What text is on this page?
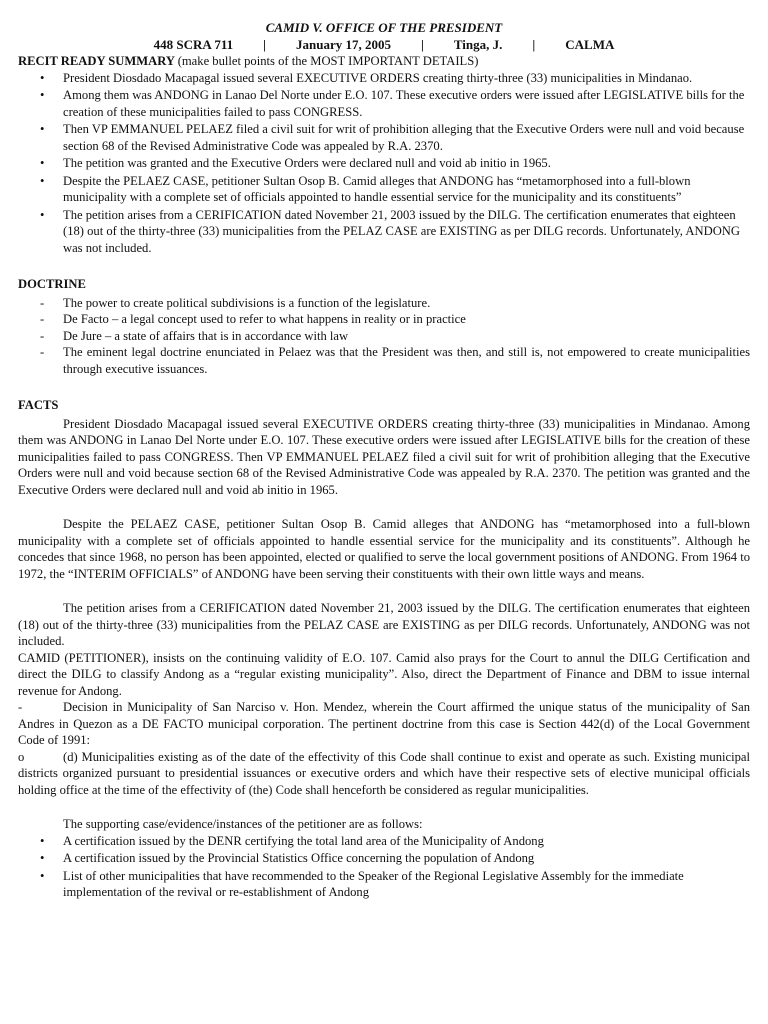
CAMID V. OFFICE OF THE PRESIDENT

448 SCRA 711	|	January 17, 2005	|	Tinga, J.	|	CALMA

RECIT READY SUMMARY (make bullet points of the MOST IMPORTANT DETAILS)

• President Diosdado Macapagal issued several EXECUTIVE ORDERS creating thirty-three (33) municipalities in Mindanao.
• Among them was ANDONG in Lanao Del Norte under E.O. 107. These executive orders were issued after LEGISLATIVE bills for the creation of these municipalities failed to pass CONGRESS.
• Then VP EMMANUEL PELAEZ filed a civil suit for writ of prohibition alleging that the Executive Orders were null and void because section 68 of the Revised Administrative Code was appealed by R.A. 2370.
• The petition was granted and the Executive Orders were declared null and void ab initio in 1965.
• Despite the PELAEZ CASE, petitioner Sultan Osop B. Camid alleges that ANDONG has “metamorphosed into a full-blown municipality with a complete set of officials appointed to handle essential service for the municipality and its constituents”
• The petition arises from a CERIFICATION dated November 21, 2003 issued by the DILG. The certification enumerates that eighteen (18) out of the thirty-three (33) municipalities from the PELAZ CASE are EXISTING as per DILG records. Unfortunately, ANDONG was not included.

DOCTRINE

- The power to create political subdivisions is a function of the legislature.
- De Facto – a legal concept used to refer to what happens in reality or in practice
- De Jure – a state of affairs that is in accordance with law
- The eminent legal doctrine enunciated in Pelaez was that the President was then, and still is, not empowered to create municipalities through executive issuances.

FACTS

President Diosdado Macapagal issued several EXECUTIVE ORDERS creating thirty-three (33) municipalities in Mindanao. Among them was ANDONG in Lanao Del Norte under E.O. 107. These executive orders were issued after LEGISLATIVE bills for the creation of these municipalities failed to pass CONGRESS. Then VP EMMANUEL PELAEZ filed a civil suit for writ of prohibition alleging that the Executive Orders were null and void because section 68 of the Revised Administrative Code was appealed by R.A. 2370. The petition was granted and the Executive Orders were declared null and void ab initio in 1965.

Despite the PELAEZ CASE, petitioner Sultan Osop B. Camid alleges that ANDONG has “metamorphosed into a full-blown municipality with a complete set of officials appointed to handle essential service for the municipality and its constituents”. Although he concedes that since 1968, no person has been appointed, elected or qualified to serve the local government positions of ANDONG. From 1964 to 1972, the “INTERIM OFFICIALS” of ANDONG have been serving their constituents with their own little ways and means.

The petition arises from a CERIFICATION dated November 21, 2003 issued by the DILG. The certification enumerates that eighteen (18) out of the thirty-three (33) municipalities from the PELAZ CASE are EXISTING as per DILG records. Unfortunately, ANDONG was not included.

CAMID (PETITIONER), insists on the continuing validity of E.O. 107. Camid also prays for the Court to annul the DILG Certification and direct the DILG to classify Andong as a “regular existing municipality”. Also, direct the Department of Finance and DBM to issue internal revenue for Andong.

-	Decision in Municipality of San Narciso v. Hon. Mendez, wherein the Court affirmed the unique status of the municipality of San Andres in Quezon as a DE FACTO municipal corporation. The pertinent doctrine from this case is Section 442(d) of the Local Government Code of 1991:

o	(d) Municipalities existing as of the date of the effectivity of this Code shall continue to exist and operate as such. Existing municipal districts organized pursuant to presidential issuances or executive orders and which have their respective sets of elective municipal officials holding office at the time of the effectivity of (the) Code shall henceforth be considered as regular municipalities.

The supporting case/evidence/instances of the petitioner are as follows:

• A certification issued by the DENR certifying the total land area of the Municipality of Andong
• A certification issued by the Provincial Statistics Office concerning the population of Andong
• List of other municipalities that have recommended to the Speaker of the Regional Legislative Assembly for the immediate implementation of the revival or re-establishment of Andong
